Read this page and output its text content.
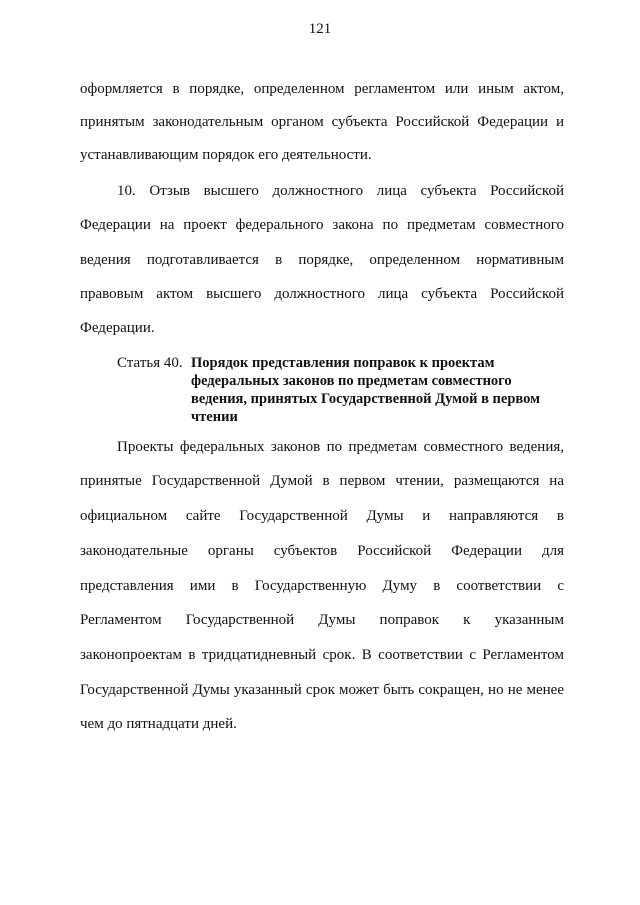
121
оформляется в порядке, определенном регламентом или иным актом,
принятым законодательным органом субъекта Российской Федерации и
устанавливающим порядок его деятельности.
10. Отзыв высшего должностного лица субъекта Российской
Федерации на проект федерального закона по предметам совместного
ведения подготавливается в порядке, определенном нормативным
правовым актом высшего должностного лица субъекта Российской
Федерации.
Статья 40. Порядок представления поправок к проектам
федеральных законов по предметам совместного
ведения, принятых Государственной Думой в первом
чтении
Проекты федеральных законов по предметам совместного ведения,
принятые Государственной Думой в первом чтении, размещаются на
официальном сайте Государственной Думы и направляются в
законодательные органы субъектов Российской Федерации для
представления ими в Государственную Думу в соответствии с
Регламентом Государственной Думы поправок к указанным
законопроектам в тридцатидневный срок. В соответствии с Регламентом
Государственной Думы указанный срок может быть сокращен, но не менее
чем до пятнадцати дней.
